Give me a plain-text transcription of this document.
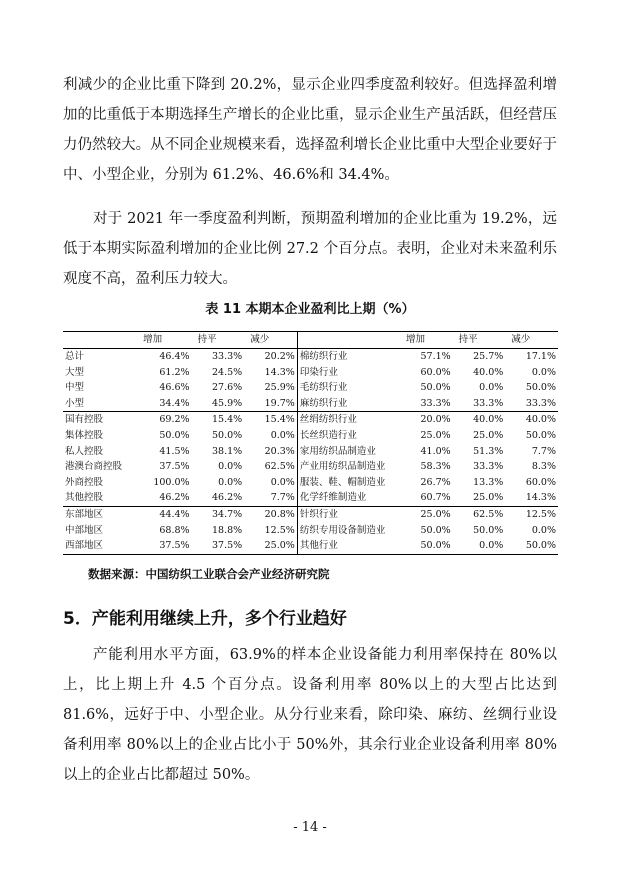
利减少的企业比重下降到 20.2%，显示企业四季度盈利较好。但选择盈利增加的比重低于本期选择生产增长的企业比重，显示企业生产虽活跃，但经营压力仍然较大。从不同企业规模来看，选择盈利增长企业比重中大型企业要好于中、小型企业，分别为 61.2%、46.6%和 34.4%。

对于 2021 年一季度盈利判断，预期盈利增加的企业比重为 19.2%，远低于本期实际盈利增加的企业比例 27.2 个百分点。表明，企业对未来盈利乐观度不高，盈利压力较大。

表 11 本期本企业盈利比上期（%）
	增加	持平	减少		增加	持平	减少
总计	46.4%	33.3%	20.2%	棉纺织行业	57.1%	25.7%	17.1%
大型	61.2%	24.5%	14.3%	印染行业	60.0%	40.0%	0.0%
中型	46.6%	27.6%	25.9%	毛纺织行业	50.0%	0.0%	50.0%
小型	34.4%	45.9%	19.7%	麻纺织行业	33.3%	33.3%	33.3%
国有控股	69.2%	15.4%	15.4%	丝绢纺织行业	20.0%	40.0%	40.0%
集体控股	50.0%	50.0%	0.0%	长丝织造行业	25.0%	25.0%	50.0%
私人控股	41.5%	38.1%	20.3%	家用纺织品制造业	41.0%	51.3%	7.7%
港澳台商控股	37.5%	0.0%	62.5%	产业用纺织品制造业	58.3%	33.3%	8.3%
外商控股	100.0%	0.0%	0.0%	服装、鞋、帽制造业	26.7%	13.3%	60.0%
其他控股	46.2%	46.2%	7.7%	化学纤维制造业	60.7%	25.0%	14.3%
东部地区	44.4%	34.7%	20.8%	针织行业	25.0%	62.5%	12.5%
中部地区	68.8%	18.8%	12.5%	纺织专用设备制造业	50.0%	50.0%	0.0%
西部地区	37.5%	37.5%	25.0%	其他行业	50.0%	0.0%	50.0%
数据来源：中国纺织工业联合会产业经济研究院
5．产能利用继续上升，多个行业趋好

产能利用水平方面，63.9%的样本企业设备能力利用率保持在 80%以上，比上期上升 4.5 个百分点。设备利用率 80%以上的大型占比达到 81.6%，远好于中、小型企业。从分行业来看，除印染、麻纺、丝绸行业设备利用率 80%以上的企业占比小于 50%外，其余行业企业设备利用率 80%以上的企业占比都超过 50%。

- 14 -
